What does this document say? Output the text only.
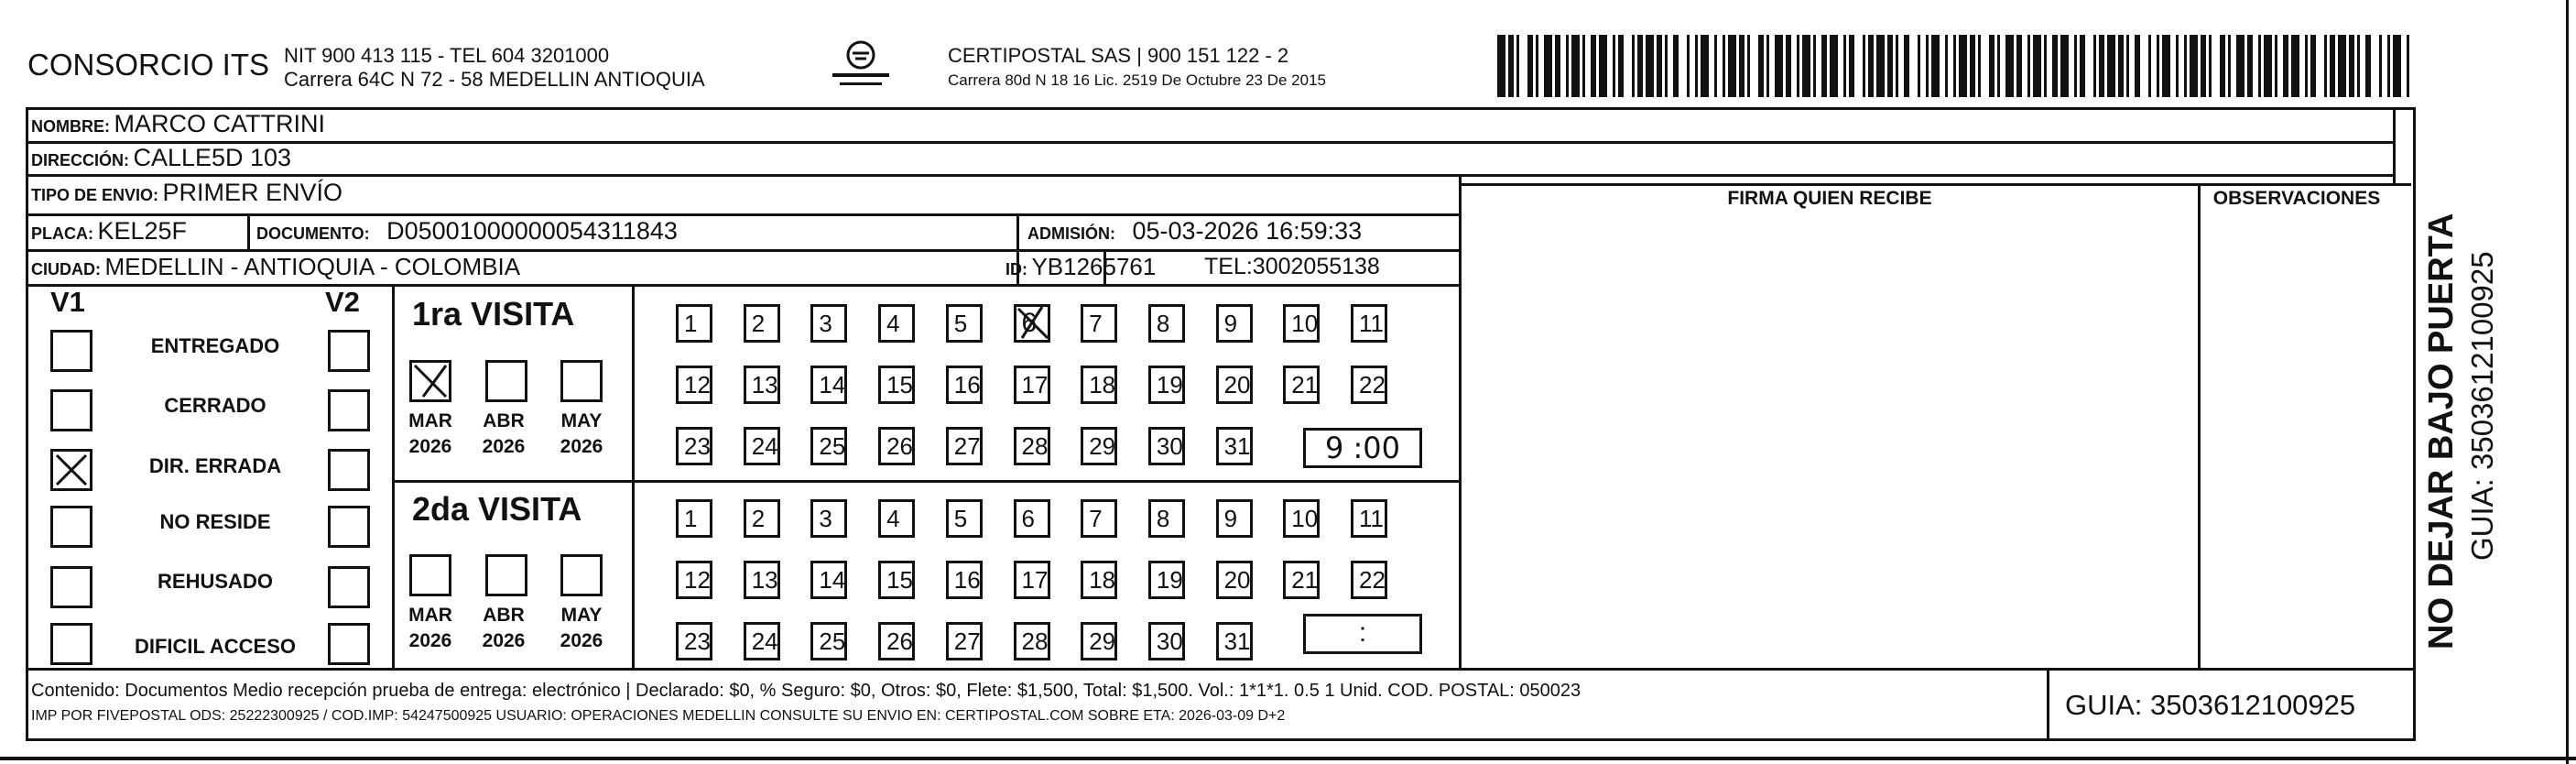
CONSORCIO ITS NIT 900 413 115 - TEL 604 3201000
Carrera 64C N 72 - 58 MEDELLIN ANTIOQUIA
CERTIPOSTAL SAS | 900 151 122 - 2
Carrera 80d N 18 16 Lic. 2519 De Octubre 23 De 2015
NOMBRE: MARCO CATTRINI
DIRECCIÓN: CALLE5D 103
TIPO DE ENVIO: PRIMER ENVÍO
PLACA: KEL25F	DOCUMENTO: D05001000000054311843	ADMISIÓN: 05-03-2026 16:59:33
CIUDAD: MEDELLIN - ANTIOQUIA - COLOMBIA	ID: YB1265761 TEL:3002055138
FIRMA QUIEN RECIBE	OBSERVACIONES
V1	V2
ENTREGADO
CERRADO
DIR. ERRADA
NO RESIDE
REHUSADO
DIFICIL ACCESO
1ra VISITA
MAR	ABR	MAY
2026	2026	2026
1	2	3	4	5	6	7	8	9	10	11
12	13	14	15	16	17	18	19	20	21	22
23	24	25	26	27	28	29	30	31	9 :00
2da VISITA
MAR	ABR	MAY
2026	2026	2026
1	2	3	4	5	6	7	8	9	10	11
12	13	14	15	16	17	18	19	20	21	22
23	24	25	26	27	28	29	30	31	:
Contenido: Documentos Medio recepción prueba de entrega: electrónico | Declarado: $0, % Seguro: $0, Otros: $0, Flete: $1,500, Total: $1,500. Vol.: 1*1*1. 0.5 1 Unid. COD. POSTAL: 050023
IMP POR FIVEPOSTAL ODS: 25222300925 / COD.IMP: 54247500925 USUARIO: OPERACIONES MEDELLIN CONSULTE SU ENVIO EN: CERTIPOSTAL.COM SOBRE ETA: 2026-03-09 D+2	GUIA: 3503612100925
NO DEJAR BAJO PUERTA GUIA: 3503612100925
